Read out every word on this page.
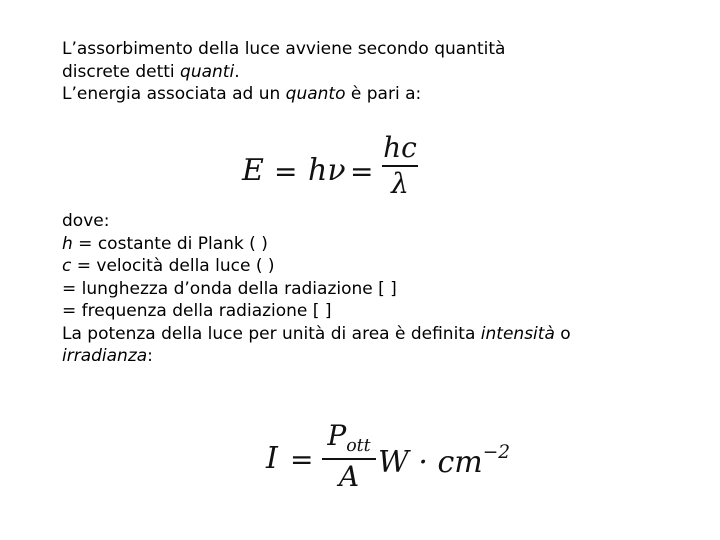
L’assorbimento della luce avviene secondo quantità
discrete detti quanti.
L’energia associata ad un quanto è pari a:
E = hν =
hc
λ
dove:
h = costante di Plank ( )
c = velocità della luce ( )
= lunghezza d’onda della radiazione [ ]
= frequenza della radiazione [ ]
La potenza della luce per unità di area è definita intensità o
irradianza:
I =
$P_{ott}$
A $W \cdot cm^{-2}$
